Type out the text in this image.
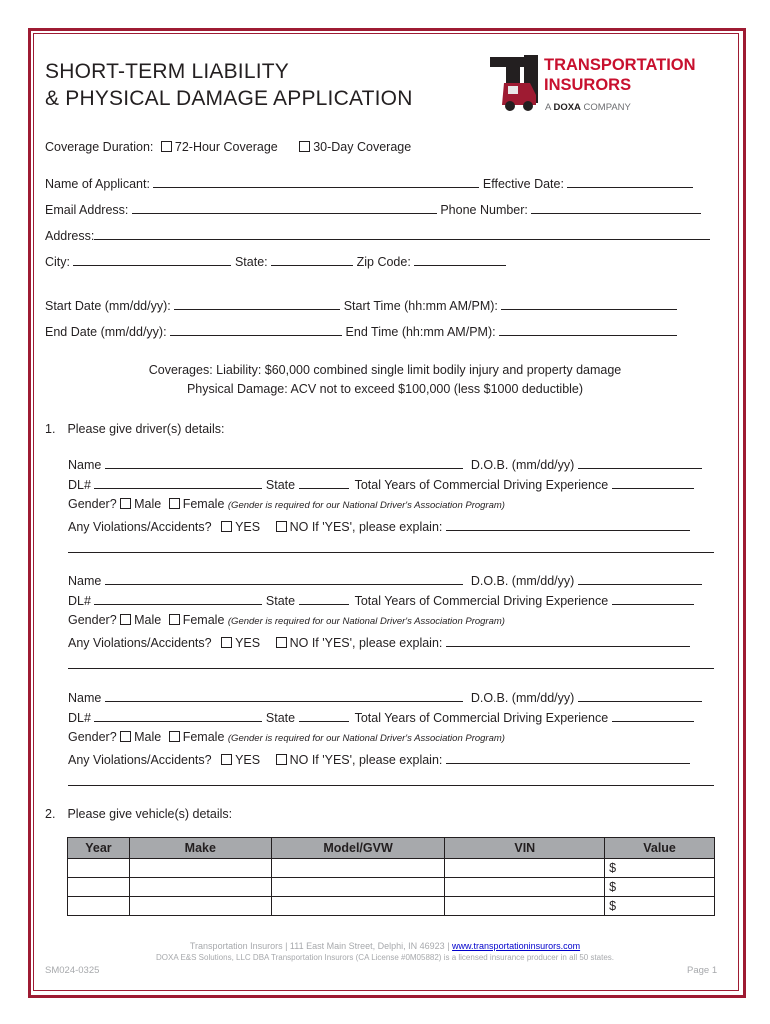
SHORT-TERM LIABILITY
& PHYSICAL DAMAGE APPLICATION
TRANSPORTATION
INSURORS
A DOXA COMPANY
Coverage Duration: 72-Hour Coverage	30-Day Coverage
Name of Applicant:	Effective Date:
Email Address:	Phone Number:
Address:
City:	State:	Zip Code:
Start Date (mm/dd/yy):	Start Time (hh:mm AM/PM):
End Date (mm/dd/yy):	End Time (hh:mm AM/PM):
Coverages: Liability: $60,000 combined single limit bodily injury and property damage
Physical Damage: ACV not to exceed $100,000 (less $1000 deductible)
1. Please give driver(s) details:
Name	D.O.B. (mm/dd/yy)
DL#	State	Total Years of Commercial Driving Experience
Gender? Male Female (Gender is required for our National Driver's Association Program)
Any Violations/Accidents? YES NO If 'YES', please explain:
Name	D.O.B. (mm/dd/yy)
DL#	State	Total Years of Commercial Driving Experience
Gender? Male Female (Gender is required for our National Driver's Association Program)
Any Violations/Accidents? YES NO If 'YES', please explain:
Name	D.O.B. (mm/dd/yy)
DL#	State	Total Years of Commercial Driving Experience
Gender? Male Female (Gender is required for our National Driver's Association Program)
Any Violations/Accidents? YES NO If 'YES', please explain:
2. Please give vehicle(s) details:
Year	Make	Model/GVW	VIN	Value
				$
				$
				$
Transportation Insurors | 111 East Main Street, Delphi, IN 46923 | www.transportationinsurors.com
DOXA E&S Solutions, LLC DBA Transportation Insurors (CA License #0M05882) is a licensed insurance producer in all 50 states.
SM024-0325	Page 1
